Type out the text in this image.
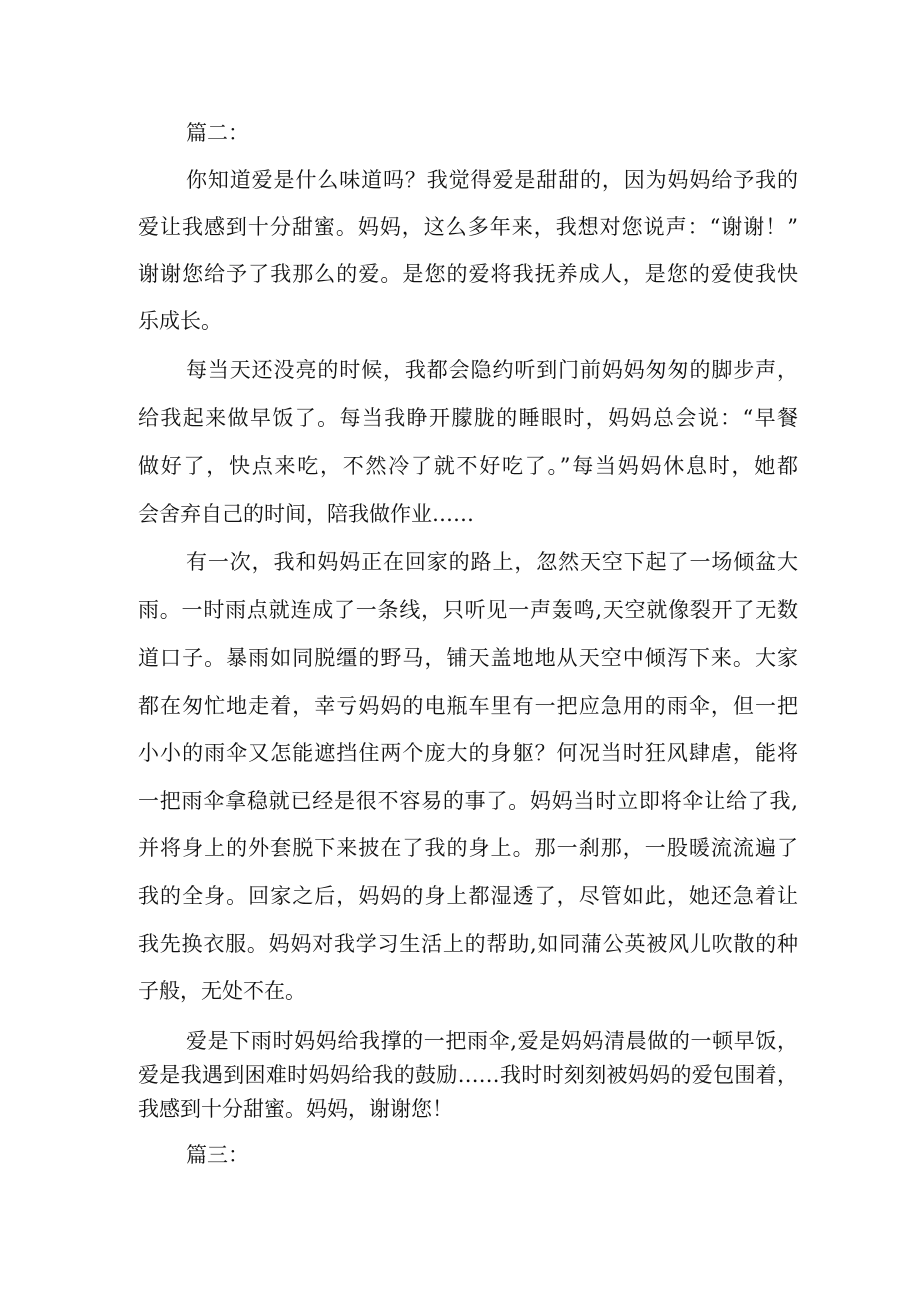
篇二：
你知道爱是什么味道吗？我觉得爱是甜甜的，因为妈妈给予我的
爱让我感到十分甜蜜。妈妈，这么多年来，我想对您说声：“谢谢！”
谢谢您给予了我那么的爱。是您的爱将我抚养成人，是您的爱使我快
乐成长。
每当天还没亮的时候，我都会隐约听到门前妈妈匆匆的脚步声，
给我起来做早饭了。每当我睁开朦胧的睡眼时，妈妈总会说：“早餐
做好了，快点来吃，不然冷了就不好吃了。”每当妈妈休息时，她都
会舍弃自己的时间，陪我做作业……
有一次，我和妈妈正在回家的路上，忽然天空下起了一场倾盆大
雨。一时雨点就连成了一条线，只听见一声轰鸣,天空就像裂开了无数
道口子。暴雨如同脱缰的野马，铺天盖地地从天空中倾泻下来。大家
都在匆忙地走着，幸亏妈妈的电瓶车里有一把应急用的雨伞，但一把
小小的雨伞又怎能遮挡住两个庞大的身躯？何况当时狂风肆虐，能将
一把雨伞拿稳就已经是很不容易的事了。妈妈当时立即将伞让给了我,
并将身上的外套脱下来披在了我的身上。那一刹那，一股暖流流遍了
我的全身。回家之后，妈妈的身上都湿透了，尽管如此，她还急着让
我先换衣服。妈妈对我学习生活上的帮助,如同蒲公英被风儿吹散的种
子般，无处不在。
爱是下雨时妈妈给我撑的一把雨伞,爱是妈妈清晨做的一顿早饭，
爱是我遇到困难时妈妈给我的鼓励……我时时刻刻被妈妈的爱包围着，
我感到十分甜蜜。妈妈，谢谢您！
篇三：
